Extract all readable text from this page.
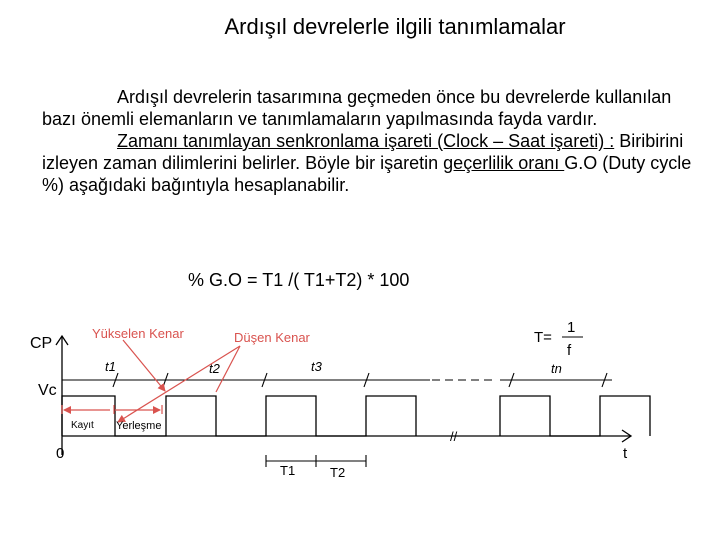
Ardışıl devrelerle ilgili tanımlamalar

Ardışıl devrelerin tasarımına geçmeden önce bu devrelerde kullanılan bazı önemli elemanların ve tanımlamaların yapılmasında fayda vardır.

Zamanı tanımlayan senkronlama işareti (Clock – Saat işareti) : Biribirini izleyen zaman dilimlerini belirler. Böyle bir işaretin geçerlilik oranı G.O (Duty cycle %) aşağıdaki bağıntıyla hesaplanabilir.

% G.O = T1 /( T1+T2) * 100
//
T1	T2
CP
Vc
0	t
t1	t2	t3	tn
T=
1
f
Yükselen Kenar	Düşen Kenar
Kayıt Yerleşme
